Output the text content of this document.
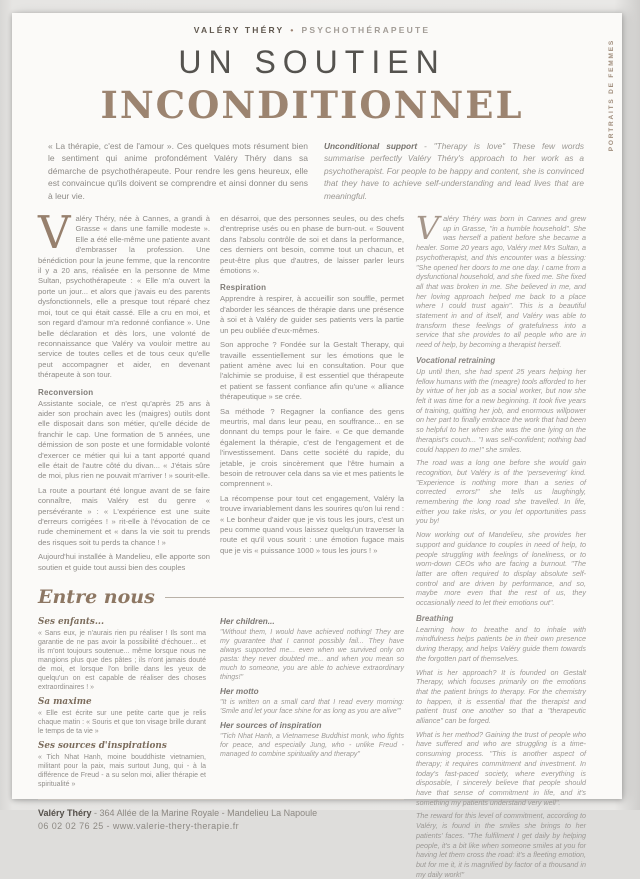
PORTRAITS DE FEMMES
VALÉRY THÉRY • PSYCHOTHÉRAPEUTE
UN SOUTIEN
INCONDITIONNEL

« La thérapie, c'est de l'amour ». Ces quelques mots résument bien le sentiment qui anime profondément Valéry Théry dans sa démarche de psychothérapeute. Pour rendre les gens heureux, elle est convaincue qu'ils doivent se comprendre et ainsi donner du sens à leur vie.

Unconditional support - "Therapy is love" These few words summarise perfectly Valéry Théry's approach to her work as a psychotherapist. For people to be happy and content, she is convinced that they have to achieve self-understanding and lead lives that are meaningful.

Valéry Théry, née à Cannes, a grandi à Grasse « dans une famille modeste ». Elle a été elle-même une patiente avant d'embrasser la profession. Une bénédiction pour la jeune femme, que la rencontre il y a 20 ans, réalisée en la personne de Mme Sultan, psychothérapeute : « Elle m'a ouvert la porte un jour... et alors que j'avais eu des parents dysfonctionnels, elle a presque tout réparé chez moi, tout ce qui était cassé. Elle a cru en moi, et son regard d'amour m'a redonné confiance ». Une belle déclaration et dès lors, une volonté de reconnaissance que Valéry va vouloir mettre au service de toutes celles et de tous ceux qu'elle peut accompagner et aider, en devenant thérapeute à son tour.

Reconversion

Assistante sociale, ce n'est qu'après 25 ans à aider son prochain avec les (maigres) outils dont elle disposait dans son métier, qu'elle décide de franchir le cap. Une formation de 5 années, une démission de son poste et une formidable volonté d'exercer ce métier qui lui a tant apporté quand elle était de l'autre côté du divan... « J'étais sûre de moi, plus rien ne pouvait m'arriver ! » sourit-elle.

La route a pourtant été longue avant de se faire connaître, mais Valéry est du genre « persévérante » : « L'expérience est une suite d'erreurs corrigées ! » rit-elle à l'évocation de ce rude cheminement et « dans la vie soit tu prends des risques soit tu perds ta chance ! »

Aujourd'hui installée à Mandelieu, elle apporte son soutien et guide tout aussi bien des couples

en désarroi, que des personnes seules, ou des chefs d'entreprise usés ou en phase de burn-out. « Souvent dans l'absolu contrôle de soi et dans la performance, ces derniers ont besoin, comme tout un chacun, et peut-être plus que d'autres, de laisser parler leurs émotions ».

Respiration

Apprendre à respirer, à accueillir son souffle, permet d'aborder les séances de thérapie dans une présence à soi et à Valéry de guider ses patients vers la partie un peu oubliée d'eux-mêmes.

Son approche ? Fondée sur la Gestalt Therapy, qui travaille essentiellement sur les émotions que le patient amène avec lui en consultation. Pour que l'alchimie se produise, il est essentiel que thérapeute et patient se fassent confiance afin qu'une « alliance thérapeutique » se crée.

Sa méthode ? Regagner la confiance des gens meurtris, mal dans leur peau, en souffrance... en se donnant du temps pour le faire. « Ce que demande également la thérapie, c'est de l'engagement et de l'investissement. Dans cette société du rapide, du jetable, je crois sincèrement que l'être humain a besoin de retrouver cela dans sa vie et mes patients le comprennent ».

La récompense pour tout cet engagement, Valéry la trouve invariablement dans les sourires qu'on lui rend : « Le bonheur d'aider que je vis tous les jours, c'est un peu comme quand vous laissez quelqu'un traverser la route et qu'il vous sourit : une émotion fugace mais que je vis « puissance 1000 » tous les jours ! »

Entre nous
Ses enfants...

« Sans eux, je n'aurais rien pu réaliser ! Ils sont ma garantie de ne pas avoir la possibilité d'échouer... et ils m'ont toujours soutenue... même lorsque nous ne mangions plus que des pâtes ; ils n'ont jamais douté de moi, et lorsque l'on brille dans les yeux de quelqu'un on est capable de réaliser des choses extraordinaires ! »

Sa maxime

« Elle est écrite sur une petite carte que je relis chaque matin : « Souris et que ton visage brille durant le temps de ta vie »

Ses sources d'inspirations

« Tich Nhat Hanh, moine bouddhiste vietnamien, militant pour la paix, mais surtout Jung, qui - à la différence de Freud - a su selon moi, allier thérapie et spiritualité »

Her children...

"Without them, I would have achieved nothing! They are my guarantee that I cannot possibly fail... They have always supported me... even when we survived only on pasta: they never doubted me... and when you mean so much to someone, you are able to achieve extraordinary things!"

Her motto

"It is written on a small card that I read every morning: 'Smile and let your face shine for as long as you are alive'"

Her sources of inspiration

"Tich Nhat Hanh, a Vietnamese Buddhist monk, who fights for peace, and especially Jung, who - unlike Freud - managed to combine spirituality and therapy"

Valéry Théry - 364 Allée de la Marine Royale - Mandelieu La Napoule

06 02 02 76 25 - www.valerie-thery-therapie.fr

Valéry Théry was born in Cannes and grew up in Grasse, "in a humble household". She was herself a patient before she became a healer. Some 20 years ago, Valéry met Mrs Sultan, a psychotherapist, and this encounter was a blessing: "She opened her doors to me one day. I came from a dysfunctional household, and she fixed me. She fixed all that was broken in me. She believed in me, and her loving approach helped me back to a place where I could trust again". This is a beautiful statement in and of itself, and Valéry was able to transform these feelings of gratefulness into a service that she provides to all people who are in need of help, by becoming a therapist herself.

Vocational retraining

Up until then, she had spent 25 years helping her fellow humans with the (meagre) tools afforded to her by virtue of her job as a social worker, but now she felt it was time for a new beginning. It took five years of training, quitting her job, and enormous willpower on her part to finally embrace the work that had been so helpful to her when she was the one lying on the therapist's couch... "I was self-confident; nothing bad could happen to me!" she smiles.

The road was a long one before she would gain recognition, but Valéry is of the 'persevering' kind. "Experience is nothing more than a series of corrected errors!" she tells us laughingly, remembering the long road she travelled. In life, either you take risks, or you let opportunities pass you by!

Now working out of Mandelieu, she provides her support and guidance to couples in need of help, to people struggling with feelings of loneliness, or to worn-down CEOs who are facing a burnout. "The latter are often required to display absolute self-control and are driven by performance, and so, maybe more even that the rest of us, they occasionally need to let their emotions out".

Breathing

Learning how to breathe and to inhale with mindfulness helps patients be in their own presence during therapy, and helps Valéry guide them towards the forgotten part of themselves.

What is her approach? It is founded on Gestalt Therapy, which focuses primarily on the emotions that the patient brings to therapy. For the chemistry to happen, it is essential that the therapist and patient trust one another so that a "therapeutic alliance" can be forged.

What is her method? Gaining the trust of people who have suffered and who are struggling is a time-consuming process. "This is another aspect of therapy; it requires commitment and investment. In today's fast-paced society, where everything is disposable, I sincerely believe that people should have that sense of commitment in life, and it's something my patients understand very well".

The reward for this level of commitment, according to Valéry, is found in the smiles she brings to her patients' faces. "The fulfilment I get daily by helping people, it's a bit like when someone smiles at you for having let them cross the road: it's a fleeting emotion, but for me it, it is magnified by factor of a thousand in my daily work!"
